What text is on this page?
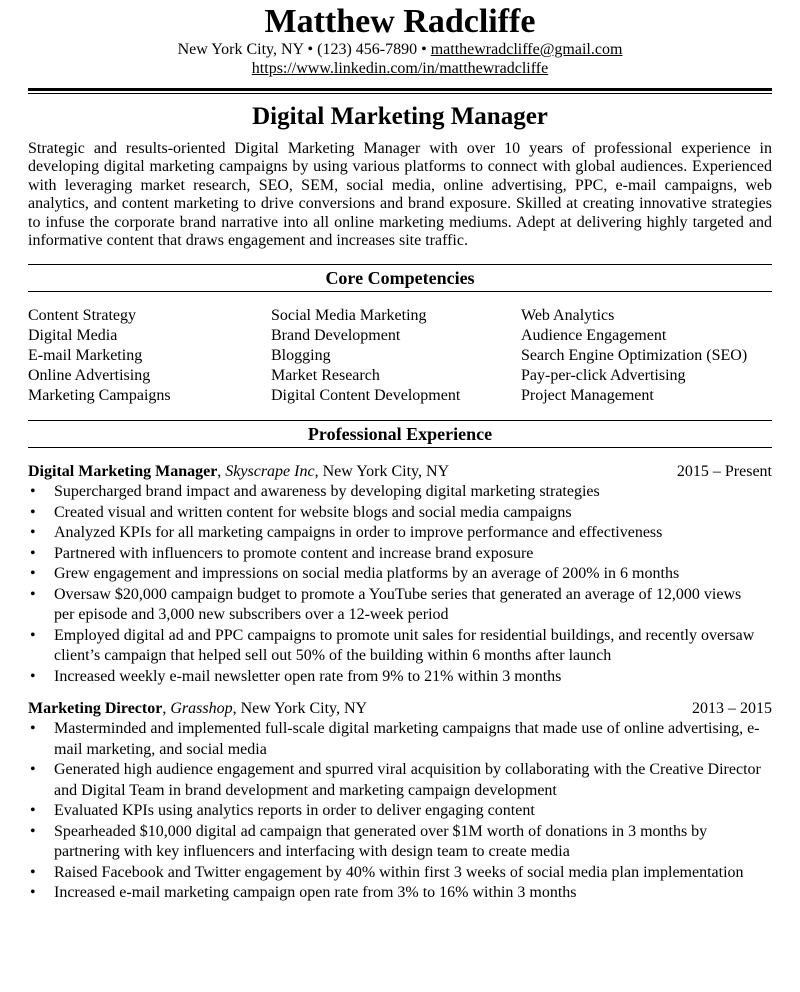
Matthew Radcliffe
New York City, NY • (123) 456-7890 • matthewradcliffe@gmail.com
https://www.linkedin.com/in/matthewradcliffe
Digital Marketing Manager

Strategic and results-oriented Digital Marketing Manager with over 10 years of professional experience in developing digital marketing campaigns by using various platforms to connect with global audiences. Experienced with leveraging market research, SEO, SEM, social media, online advertising, PPC, e-mail campaigns, web analytics, and content marketing to drive conversions and brand exposure. Skilled at creating innovative strategies to infuse the corporate brand narrative into all online marketing mediums. Adept at delivering highly targeted and informative content that draws engagement and increases site traffic.

Core Competencies
Content Strategy
Digital Media
E-mail Marketing
Online Advertising
Marketing Campaigns
Social Media Marketing
Brand Development
Blogging
Market Research
Digital Content Development
Web Analytics
Audience Engagement
Search Engine Optimization (SEO)
Pay-per-click Advertising
Project Management
Professional Experience
Digital Marketing Manager, Skyscrape Inc, New York City, NY	2015 – Present
• Supercharged brand impact and awareness by developing digital marketing strategies
• Created visual and written content for website blogs and social media campaigns
• Analyzed KPIs for all marketing campaigns in order to improve performance and effectiveness
• Partnered with influencers to promote content and increase brand exposure
• Grew engagement and impressions on social media platforms by an average of 200% in 6 months
• Oversaw $20,000 campaign budget to promote a YouTube series that generated an average of 12,000 views per episode and 3,000 new subscribers over a 12-week period
• Employed digital ad and PPC campaigns to promote unit sales for residential buildings, and recently oversaw client’s campaign that helped sell out 50% of the building within 6 months after launch
• Increased weekly e-mail newsletter open rate from 9% to 21% within 3 months
Marketing Director, Grasshop, New York City, NY	2013 – 2015
• Masterminded and implemented full-scale digital marketing campaigns that made use of online advertising, e-mail marketing, and social media
• Generated high audience engagement and spurred viral acquisition by collaborating with the Creative Director and Digital Team in brand development and marketing campaign development
• Evaluated KPIs using analytics reports in order to deliver engaging content
• Spearheaded $10,000 digital ad campaign that generated over $1M worth of donations in 3 months by partnering with key influencers and interfacing with design team to create media
• Raised Facebook and Twitter engagement by 40% within first 3 weeks of social media plan implementation
• Increased e-mail marketing campaign open rate from 3% to 16% within 3 months
